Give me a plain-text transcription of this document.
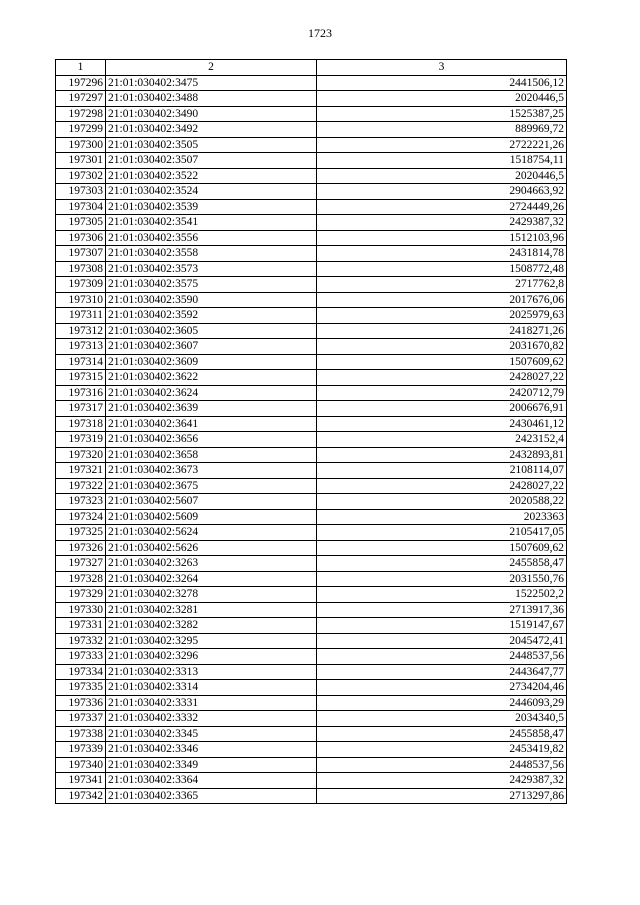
1723
1	2	3
197296	21:01:030402:3475	2441506,12
197297	21:01:030402:3488	2020446,5
197298	21:01:030402:3490	1525387,25
197299	21:01:030402:3492	889969,72
197300	21:01:030402:3505	2722221,26
197301	21:01:030402:3507	1518754,11
197302	21:01:030402:3522	2020446,5
197303	21:01:030402:3524	2904663,92
197304	21:01:030402:3539	2724449,26
197305	21:01:030402:3541	2429387,32
197306	21:01:030402:3556	1512103,96
197307	21:01:030402:3558	2431814,78
197308	21:01:030402:3573	1508772,48
197309	21:01:030402:3575	2717762,8
197310	21:01:030402:3590	2017676,06
197311	21:01:030402:3592	2025979,63
197312	21:01:030402:3605	2418271,26
197313	21:01:030402:3607	2031670,82
197314	21:01:030402:3609	1507609,62
197315	21:01:030402:3622	2428027,22
197316	21:01:030402:3624	2420712,79
197317	21:01:030402:3639	2006676,91
197318	21:01:030402:3641	2430461,12
197319	21:01:030402:3656	2423152,4
197320	21:01:030402:3658	2432893,81
197321	21:01:030402:3673	2108114,07
197322	21:01:030402:3675	2428027,22
197323	21:01:030402:5607	2020588,22
197324	21:01:030402:5609	2023363
197325	21:01:030402:5624	2105417,05
197326	21:01:030402:5626	1507609,62
197327	21:01:030402:3263	2455858,47
197328	21:01:030402:3264	2031550,76
197329	21:01:030402:3278	1522502,2
197330	21:01:030402:3281	2713917,36
197331	21:01:030402:3282	1519147,67
197332	21:01:030402:3295	2045472,41
197333	21:01:030402:3296	2448537,56
197334	21:01:030402:3313	2443647,77
197335	21:01:030402:3314	2734204,46
197336	21:01:030402:3331	2446093,29
197337	21:01:030402:3332	2034340,5
197338	21:01:030402:3345	2455858,47
197339	21:01:030402:3346	2453419,82
197340	21:01:030402:3349	2448537,56
197341	21:01:030402:3364	2429387,32
197342	21:01:030402:3365	2713297,86
